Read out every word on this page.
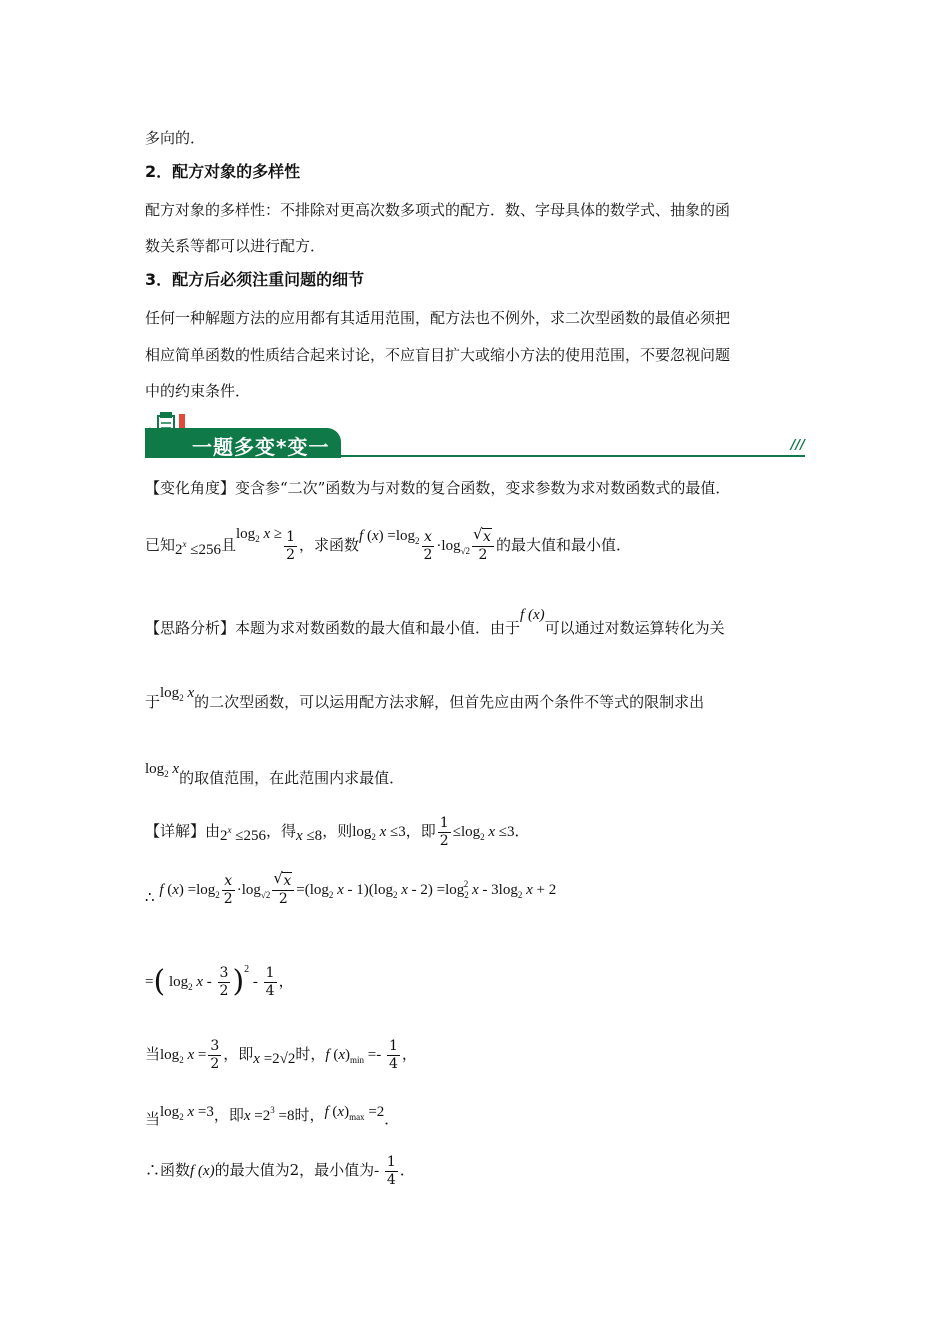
多向的．
2．配方对象的多样性
配方对象的多样性：不排除对更高次数多项式的配方．数、字母具体的数学式、抽象的函
数关系等都可以进行配方．
3．配方后必须注重问题的细节
任何一种解题方法的应用都有其适用范围，配方法也不例外，求二次型函数的最值必须把
相应简单函数的性质结合起来讨论，不应盲目扩大或缩小方法的使用范围，不要忽视问题
中的约束条件．
一题多变*变一	///
【变化角度】变含参“二次”函数为与对数的复合函数，变求参数为求对数函数式的最值．
已知$2^x \le 256$且$\log_2 x \ge \frac{1}{2}$ ，求函数f $(x) =\log_2 \frac{x}{2} \cdot\log_{√2}$ √ $\frac{x}{2}$ 的最大值和最小值．
【思路分析】本题为求对数函数的最大值和最小值．由于f (x)可以通过对数运算转化为关
于$\log_2 x$的二次型函数，可以运用配方法求解，但首先应由两个条件不等式的限制求出
$\log_2 x$的取值范围，在此范围内求最值．
【详解】由$2^x \le 256$，得x ≤8，则$\log_2 x \le 3$，即 $\frac{1}{2} \le\log_2$ x ≤3．
∴ f $(x) =\log_2 \frac{x}{2} \cdot\log_{√2}$ √ $\frac{x}{2} =(\log_2$ x - $1)(\log_2$ $x - 2) =\log_2^2$ x - $3\log_2$ x + 2
=( $\log_2 x - \frac{3}{2} )^2 - \frac{1}{4}$ ，
当$\log_2 x = \frac{3}{2}$ ，即x =2√2时，f $(x)_{min} =- \frac{1}{4}$ ，
当$\log_2 x =3$，即$x =2^3 =8$时，f $(x)_{max} =2$．
∴函数f (x)的最大值为2，最小值为- $\frac{1}{4}$ ．
